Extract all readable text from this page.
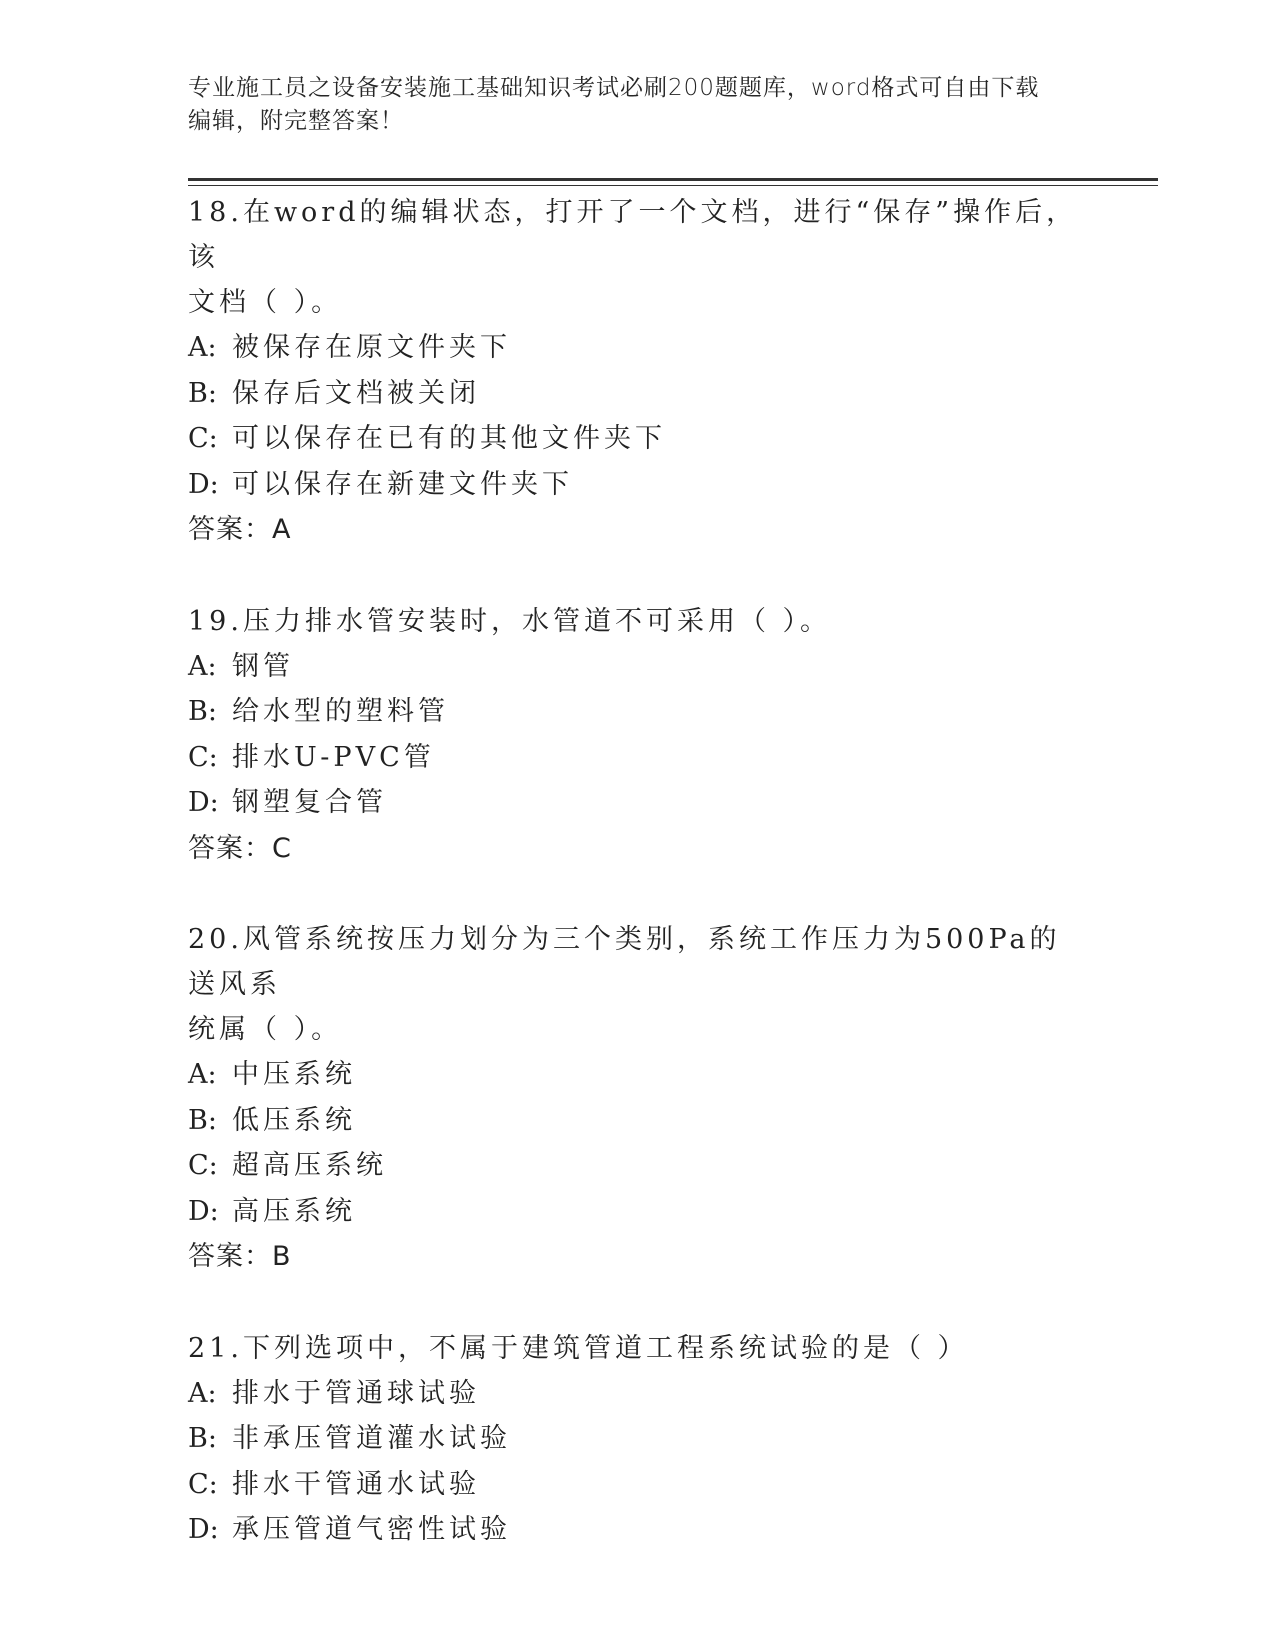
专业施工员之设备安装施工基础知识考试必刷200题题库，word格式可自由下载
编辑，附完整答案！

18.在word的编辑状态，打开了一个文档，进行“保存”操作后，该

文档（ ）。

A: 被保存在原文件夹下

B: 保存后文档被关闭

C: 可以保存在已有的其他文件夹下

D: 可以保存在新建文件夹下

答案：A

19.压力排水管安装时，水管道不可采用（ ）。

A: 钢管

B: 给水型的塑料管

C: 排水U-PVC管

D: 钢塑复合管

答案：C

20.风管系统按压力划分为三个类别，系统工作压力为500Pa的送风系

统属（ ）。

A: 中压系统

B: 低压系统

C: 超高压系统

D: 高压系统

答案：B

21.下列选项中，不属于建筑管道工程系统试验的是（ ）

A: 排水于管通球试验

B: 非承压管道灌水试验

C: 排水干管通水试验

D: 承压管道气密性试验
